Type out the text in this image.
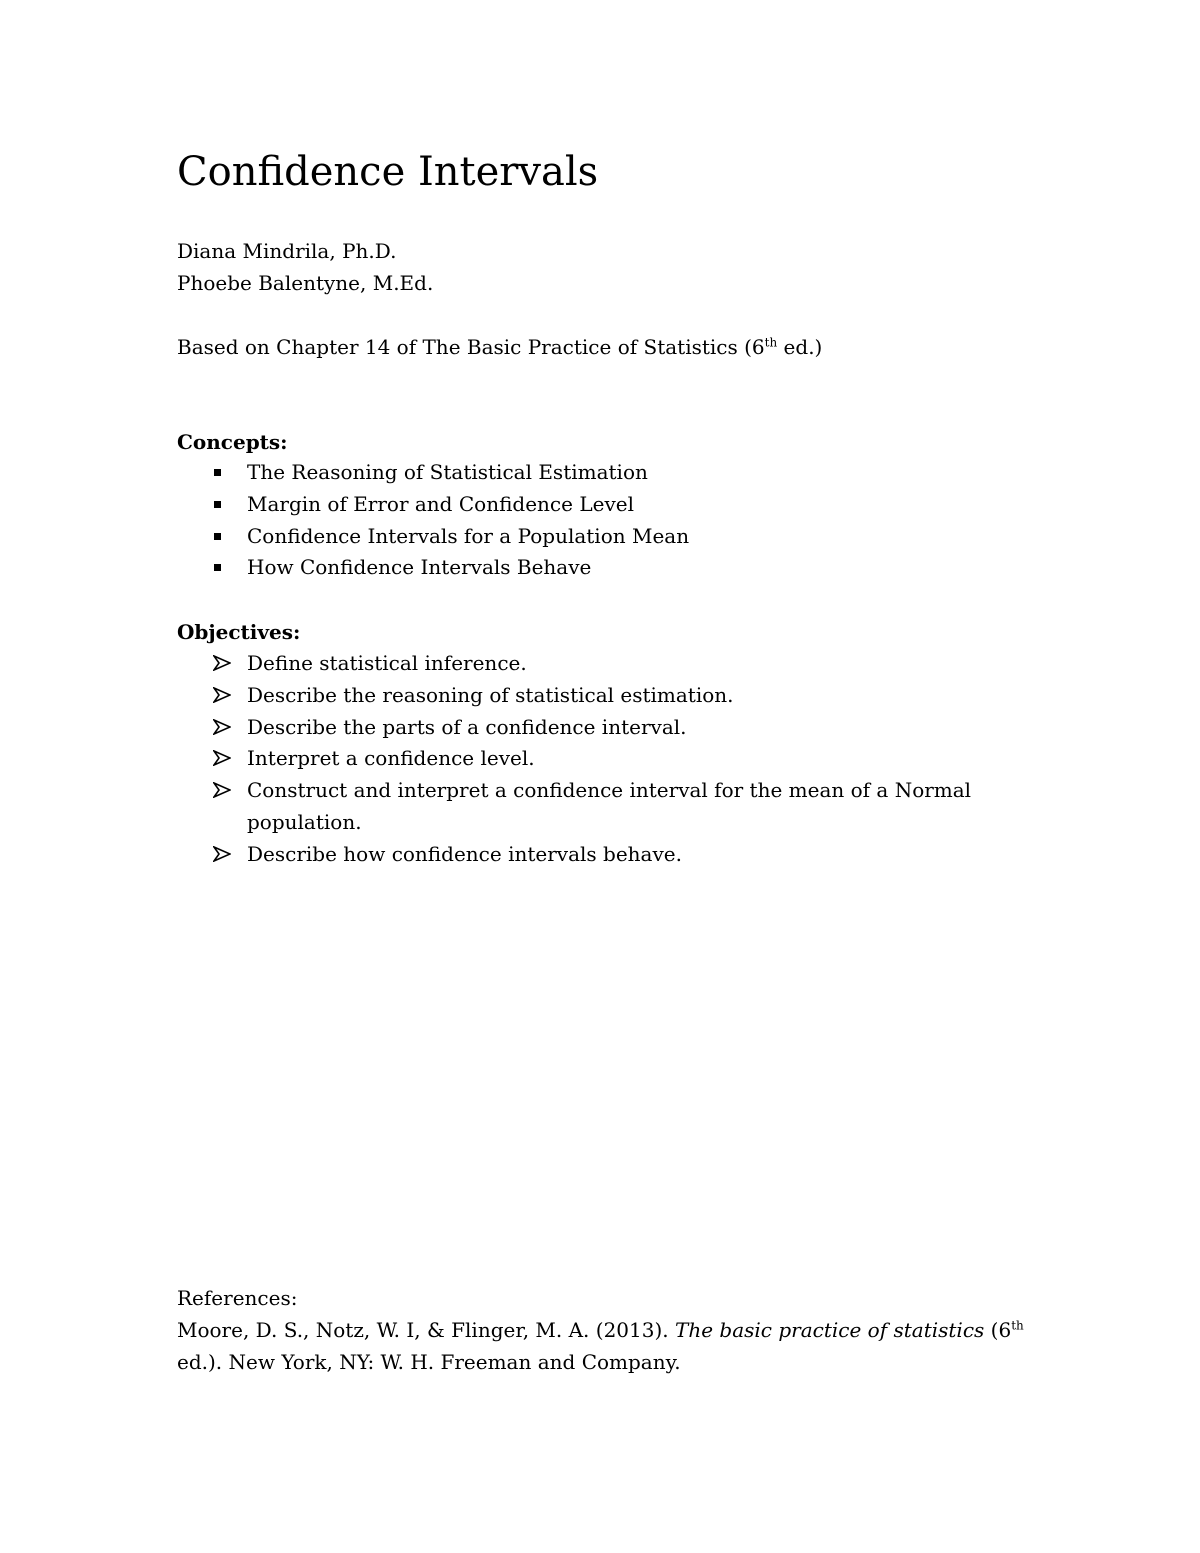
Confidence Intervals
Diana Mindrila, Ph.D.
Phoebe Balentyne, M.Ed.
Based on Chapter 14 of The Basic Practice of Statistics (6th ed.)
Concepts:
The Reasoning of Statistical Estimation
Margin of Error and Confidence Level
Confidence Intervals for a Population Mean
How Confidence Intervals Behave
Objectives:
Define statistical inference.
Describe the reasoning of statistical estimation.
Describe the parts of a confidence interval.
Interpret a confidence level.
Construct and interpret a confidence interval for the mean of a Normal
population.
Describe how confidence intervals behave.
References:
Moore, D. S., Notz, W. I, & Flinger, M. A. (2013). The basic practice of statistics (6th
ed.). New York, NY: W. H. Freeman and Company.
